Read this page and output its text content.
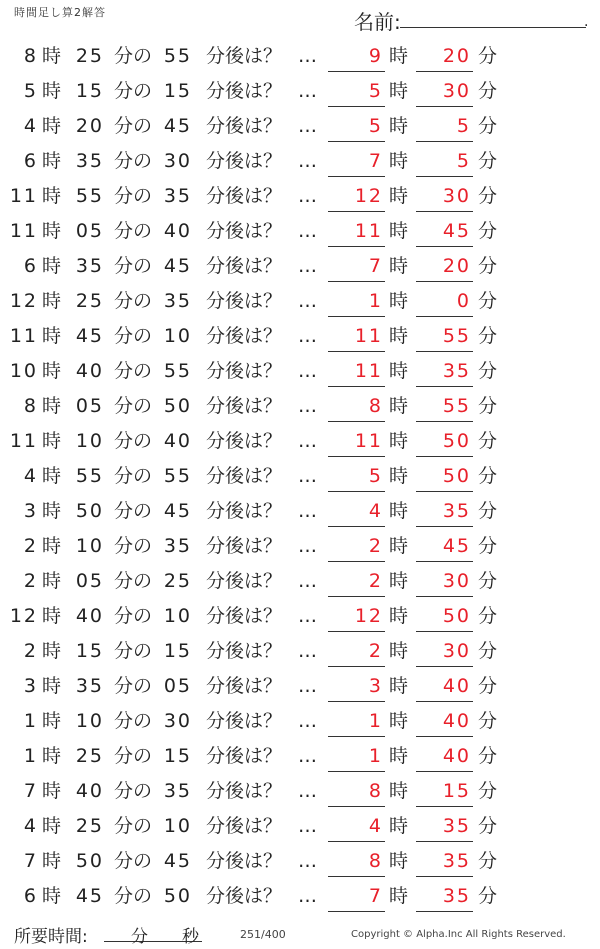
時間足し算2解答	名前:	.
8 時 25 分の 55 分後は？ …	9 時	20 分
5 時 15 分の 15 分後は？ …	5 時	30 分
4 時 20 分の 45 分後は？ …	5 時	5 分
6 時 35 分の 30 分後は？ …	7 時	5 分
11 時 55 分の 35 分後は？ …	12 時	30 分
11 時 05 分の 40 分後は？ …	11 時	45 分
6 時 35 分の 45 分後は？ …	7 時	20 分
12 時 25 分の 35 分後は？ …	1 時	0 分
11 時 45 分の 10 分後は？ …	11 時	55 分
10 時 40 分の 55 分後は？ …	11 時	35 分
8 時 05 分の 50 分後は？ …	8 時	55 分
11 時 10 分の 40 分後は？ …	11 時	50 分
4 時 55 分の 55 分後は？ …	5 時	50 分
3 時 50 分の 45 分後は？ …	4 時	35 分
2 時 10 分の 35 分後は？ …	2 時	45 分
2 時 05 分の 25 分後は？ …	2 時	30 分
12 時 40 分の 10 分後は？ …	12 時	50 分
2 時 15 分の 15 分後は？ …	2 時	30 分
3 時 35 分の 05 分後は？ …	3 時	40 分
1 時 10 分の 30 分後は？ …	1 時	40 分
1 時 25 分の 15 分後は？ …	1 時	40 分
7 時 40 分の 35 分後は？ …	8 時	15 分
4 時 25 分の 10 分後は？ …	4 時	35 分
7 時 50 分の 45 分後は？ …	8 時	35 分
6 時 45 分の 50 分後は？ …	7 時	35 分
所要時間:	分 秒	251/400	Copyright © Alpha.Inc All Rights Reserved.
